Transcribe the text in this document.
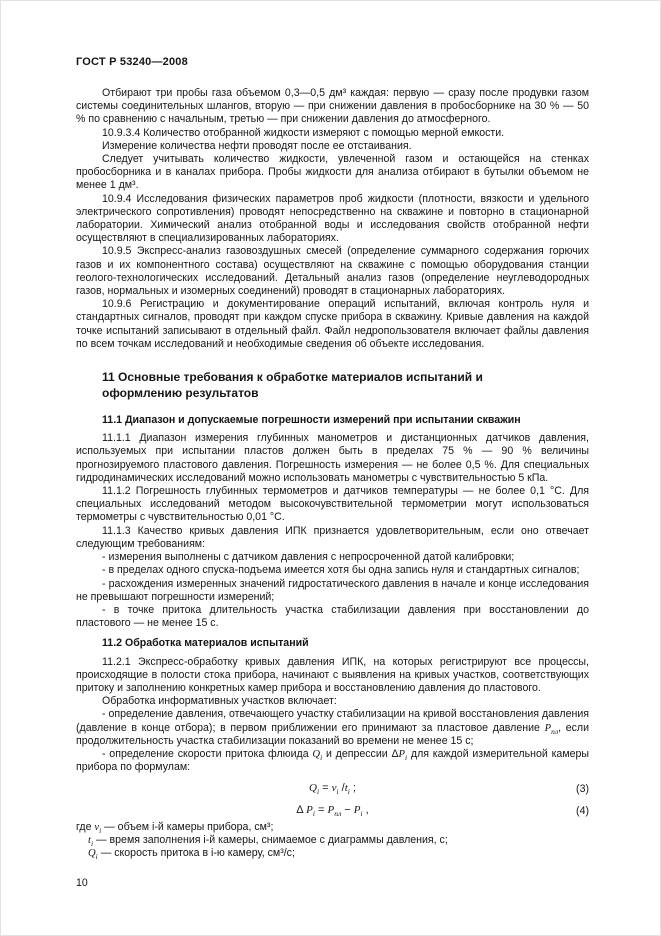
ГОСТ Р 53240—2008

Отбирают три пробы газа объемом 0,3—0,5 дм³ каждая: первую — сразу после продувки газом системы соединительных шлангов, вторую — при снижении давления в пробосборнике на 30 % — 50 % по сравнению с начальным, третью — при снижении давления до атмосферного.

10.9.3.4 Количество отобранной жидкости измеряют с помощью мерной емкости.

Измерение количества нефти проводят после ее отстаивания.

Следует учитывать количество жидкости, увлеченной газом и остающейся на стенках пробосборника и в каналах прибора. Пробы жидкости для анализа отбирают в бутылки объемом не менее 1 дм³.

10.9.4 Исследования физических параметров проб жидкости (плотности, вязкости и удельного электрического сопротивления) проводят непосредственно на скважине и повторно в стационарной лаборатории. Химический анализ отобранной воды и исследования свойств отобранной нефти осуществляют в специализированных лабораториях.

10.9.5 Экспресс-анализ газовоздушных смесей (определение суммарного содержания горючих газов и их компонентного состава) осуществляют на скважине с помощью оборудования станции геолого-технологических исследований. Детальный анализ газов (определение неуглеводородных газов, нормальных и изомерных соединений) проводят в стационарных лабораториях.

10.9.6 Регистрацию и документирование операций испытаний, включая контроль нуля и стандартных сигналов, проводят при каждом спуске прибора в скважину. Кривые давления на каждой точке испытаний записывают в отдельный файл. Файл недропользователя включает файлы давления по всем точкам исследований и необходимые сведения об объекте исследования.

11 Основные требования к обработке материалов испытаний и оформлению результатов

11.1 Диапазон и допускаемые погрешности измерений при испытании скважин

11.1.1 Диапазон измерения глубинных манометров и дистанционных датчиков давления, используемых при испытании пластов должен быть в пределах 75 % — 90 % величины прогнозируемого пластового давления. Погрешность измерения — не более 0,5 %. Для специальных гидродинамических исследований можно использовать манометры с чувствительностью 5 кПа.

11.1.2 Погрешность глубинных термометров и датчиков температуры — не более 0,1 °С. Для специальных исследований методом высокочувствительной термометрии могут использоваться термометры с чувствительностью 0,01 °С.

11.1.3 Качество кривых давления ИПК признается удовлетворительным, если оно отвечает следующим требованиям:

- измерения выполнены с датчиком давления с непросроченной датой калибровки;

- в пределах одного спуска-подъема имеется хотя бы одна запись нуля и стандартных сигналов;

- расхождения измеренных значений гидростатического давления в начале и конце исследования не превышают погрешности измерений;

- в точке притока длительность участка стабилизации давления при восстановлении до пластового — не менее 15 с.

11.2 Обработка материалов испытаний

11.2.1 Экспресс-обработку кривых давления ИПК, на которых регистрируют все процессы, происходящие в полости стока прибора, начинают с выявления на кривых участков, соответствующих притоку и заполнению конкретных камер прибора и восстановлению давления до пластового.

Обработка информативных участков включает:

- определение давления, отвечающего участку стабилизации на кривой восстановления давления (давление в конце отбора); в первом приближении его принимают за пластовое давление $P_{пл}$, если продолжительность участка стабилизации показаний во времени не менее 15 с;

- определение скорости притока флюида $Q_i$ и депрессии $\Delta P_i$ для каждой измерительной камеры прибора по формулам:

$Q_i = v_i$ $/t_i$ ;	(3)
Δ $P_i = P_{пл} - P_i$ ,	(4)

где $v_i$ — объем i-й камеры прибора, см³;

$t_i$ — время заполнения i-й камеры, снимаемое с диаграммы давления, с;

$Q_i$ — скорость притока в i-ю камеру, см³/с;

10
